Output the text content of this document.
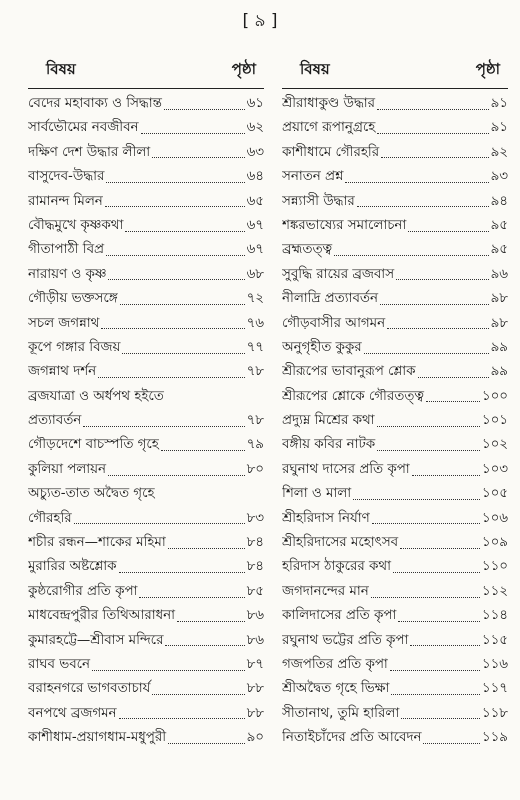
[ ৯ ]
বিষয়	পৃষ্ঠা
বেদের মহাবাক্য ও সিদ্ধান্ত	৬১
সার্বভৌমের নবজীবন	৬২
দক্ষিণ দেশ উদ্ধার লীলা	৬৩
বাসুদেব-উদ্ধার	৬৪
রামানন্দ মিলন	৬৫
বৌদ্ধমুখে কৃষ্ণকথা	৬৭
গীতাপাঠী বিপ্র	৬৭
নারায়ণ ও কৃষ্ণ	৬৮
গৌড়ীয় ভক্তসঙ্গে	৭২
সচল জগন্নাথ	৭৬
কূপে গঙ্গার বিজয়	৭৭
জগন্নাথ দর্শন	৭৮
ব্রজযাত্রা ও অর্ধপথ হইতে
প্রত্যাবর্তন	৭৮
গৌড়দেশে বাচস্পতি গৃহে	৭৯
কুলিয়া পলায়ন	৮০
অচ্যুত-তাত অদ্বৈত গৃহে
গৌরহরি	৮৩
শচীর রন্ধন—শাকের মহিমা	৮৪
মুরারির অষ্টশ্লোক	৮৪
কুষ্ঠরোগীর প্রতি কৃপা	৮৫
মাধবেন্দ্রপুরীর তিথিআরাধনা	৮৬
কুমারহট্টে—শ্রীবাস মন্দিরে	৮৬
রাঘব ভবনে	৮৭
বরাহনগরে ভাগবতাচার্য	৮৮
বনপথে ব্রজগমন	৮৮
কাশীধাম-প্রয়াগধাম-মধুপুরী	৯০
বিষয়	পৃষ্ঠা
শ্রীরাধাকুণ্ড উদ্ধার	৯১
প্রয়াগে রূপানুগ্রহে	৯১
কাশীধামে গৌরহরি	৯২
সনাতন প্রশ্ন	৯৩
সন্ন্যাসী উদ্ধার	৯৪
শঙ্করভাষ্যের সমালোচনা	৯৫
ব্রহ্মতত্ত্ব	৯৫
সুবুদ্ধি রায়ের ব্রজবাস	৯৬
নীলাদ্রি প্রত্যাবর্তন	৯৮
গৌড়বাসীর আগমন	৯৮
অনুগৃহীত কুকুর	৯৯
শ্রীরূপের ভাবানুরূপ শ্লোক	৯৯
শ্রীরূপের শ্লোকে গৌরতত্ত্ব	১০০
প্রদ্যুম্ন মিশ্রের কথা	১০১
বঙ্গীয় কবির নাটক	১০২
রঘুনাথ দাসের প্রতি কৃপা	১০৩
শিলা ও মালা	১০৫
শ্রীহরিদাস নির্যাণ	১০৬
শ্রীহরিদাসের মহোৎসব	১০৯
হরিদাস ঠাকুরের কথা	১১০
জগদানন্দের মান	১১২
কালিদাসের প্রতি কৃপা	১১৪
রঘুনাথ ভট্টের প্রতি কৃপা	১১৫
গজপতির প্রতি কৃপা	১১৬
শ্রীঅদ্বৈত গৃহে ভিক্ষা	১১৭
সীতানাথ, তুমি হারিলা	১১৮
নিতাইচাঁদের প্রতি আবেদন	১১৯
